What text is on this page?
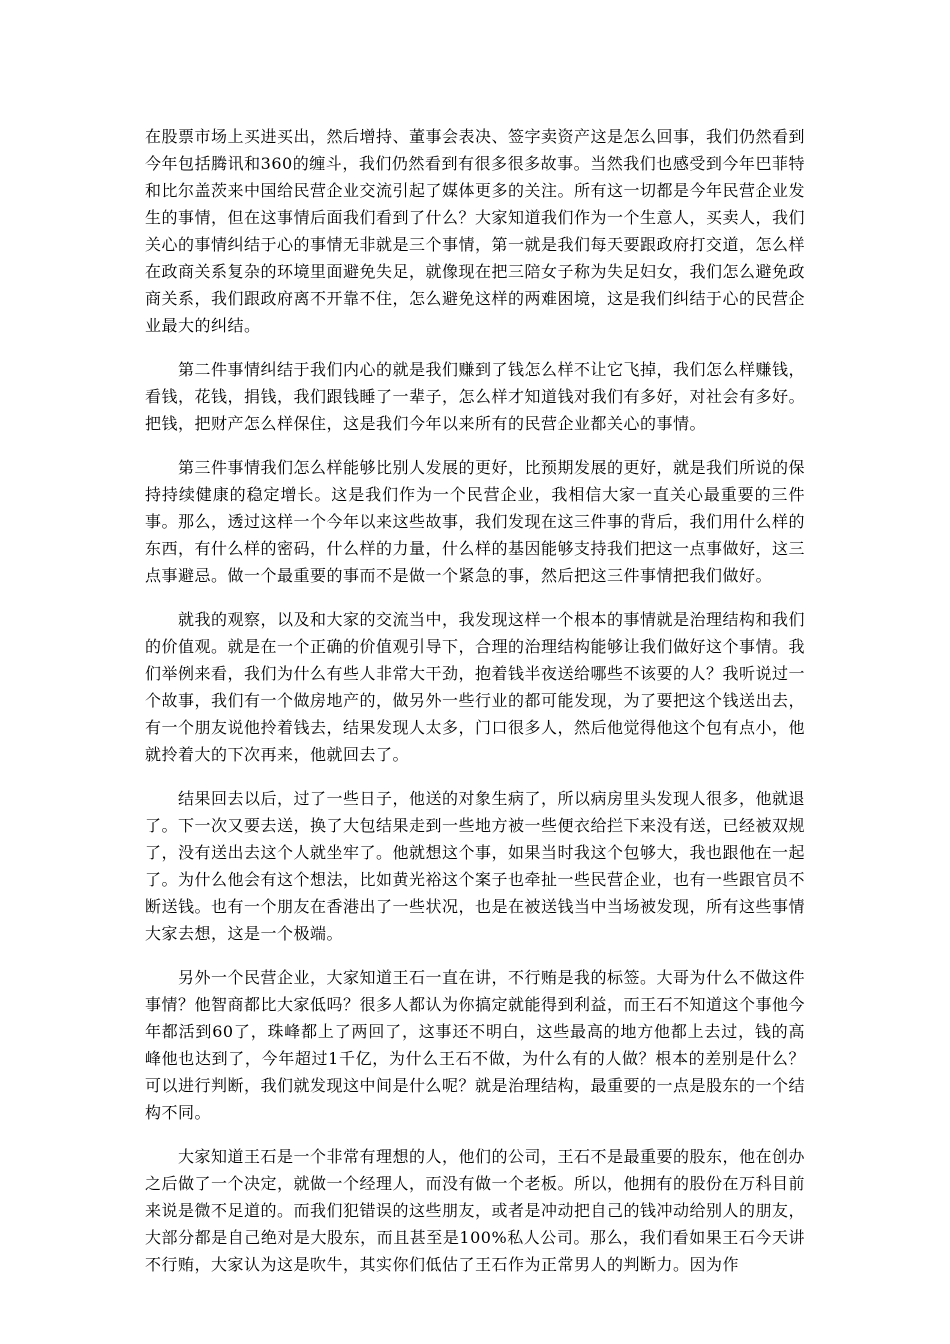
在股票市场上买进买出，然后增持、董事会表决、签字卖资产这是怎么回事，我们仍然看到今年包括腾讯和360的缠斗，我们仍然看到有很多很多故事。当然我们也感受到今年巴菲特和比尔盖茨来中国给民营企业交流引起了媒体更多的关注。所有这一切都是今年民营企业发生的事情，但在这事情后面我们看到了什么？大家知道我们作为一个生意人，买卖人，我们关心的事情纠结于心的事情无非就是三个事情，第一就是我们每天要跟政府打交道，怎么样在政商关系复杂的环境里面避免失足，就像现在把三陪女子称为失足妇女，我们怎么避免政商关系，我们跟政府离不开靠不住，怎么避免这样的两难困境，这是我们纠结于心的民营企业最大的纠结。

第二件事情纠结于我们内心的就是我们赚到了钱怎么样不让它飞掉，我们怎么样赚钱，看钱，花钱，捐钱，我们跟钱睡了一辈子，怎么样才知道钱对我们有多好，对社会有多好。把钱，把财产怎么样保住，这是我们今年以来所有的民营企业都关心的事情。

第三件事情我们怎么样能够比别人发展的更好，比预期发展的更好，就是我们所说的保持持续健康的稳定增长。这是我们作为一个民营企业，我相信大家一直关心最重要的三件事。那么，透过这样一个今年以来这些故事，我们发现在这三件事的背后，我们用什么样的东西，有什么样的密码，什么样的力量，什么样的基因能够支持我们把这一点事做好，这三点事避忌。做一个最重要的事而不是做一个紧急的事，然后把这三件事情把我们做好。

就我的观察，以及和大家的交流当中，我发现这样一个根本的事情就是治理结构和我们的价值观。就是在一个正确的价值观引导下，合理的治理结构能够让我们做好这个事情。我们举例来看，我们为什么有些人非常大干劲，抱着钱半夜送给哪些不该要的人？我听说过一个故事，我们有一个做房地产的，做另外一些行业的都可能发现，为了要把这个钱送出去，有一个朋友说他拎着钱去，结果发现人太多，门口很多人，然后他觉得他这个包有点小，他就拎着大的下次再来，他就回去了。

结果回去以后，过了一些日子，他送的对象生病了，所以病房里头发现人很多，他就退了。下一次又要去送，换了大包结果走到一些地方被一些便衣给拦下来没有送，已经被双规了，没有送出去这个人就坐牢了。他就想这个事，如果当时我这个包够大，我也跟他在一起了。为什么他会有这个想法，比如黄光裕这个案子也牵扯一些民营企业，也有一些跟官员不断送钱。也有一个朋友在香港出了一些状况，也是在被送钱当中当场被发现，所有这些事情大家去想，这是一个极端。

另外一个民营企业，大家知道王石一直在讲，不行贿是我的标签。大哥为什么不做这件事情？他智商都比大家低吗？很多人都认为你搞定就能得到利益，而王石不知道这个事他今年都活到60了，珠峰都上了两回了，这事还不明白，这些最高的地方他都上去过，钱的高峰他也达到了，今年超过1千亿，为什么王石不做，为什么有的人做？根本的差别是什么？可以进行判断，我们就发现这中间是什么呢？就是治理结构，最重要的一点是股东的一个结构不同。

大家知道王石是一个非常有理想的人，他们的公司，王石不是最重要的股东，他在创办之后做了一个决定，就做一个经理人，而没有做一个老板。所以，他拥有的股份在万科目前来说是微不足道的。而我们犯错误的这些朋友，或者是冲动把自己的钱冲动给别人的朋友，大部分都是自己绝对是大股东，而且甚至是100%私人公司。那么，我们看如果王石今天讲不行贿，大家认为这是吹牛，其实你们低估了王石作为正常男人的判断力。因为作
